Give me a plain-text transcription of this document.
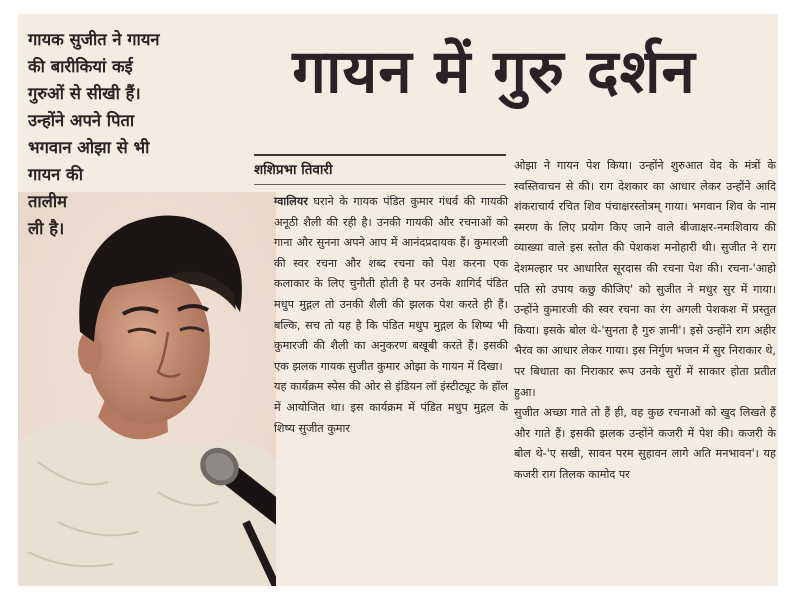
गायक सुजीत ने गायन
की बारीकियां कई
गुरुओं से सीखी हैं।
उन्होंने अपने पिता
भगवान ओझा से भी
गायन की
तालीम
ली है।
गायन में गुरु दर्शन
शशिप्रभा तिवारी

ग्वालियर घराने के गायक पंडित कुमार गंधर्व की गायकी अनूठी शैली की रही है। उनकी गायकी और रचनाओं को गाना और सुनना अपने आप में आनंदप्रदायक हैं। कुमारजी की स्वर रचना और शब्द रचना को पेश करना एक कलाकार के लिए चुनौती होती है पर उनके शागिर्द पंडित मधुप मुद्गल तो उनकी शैली की झलक पेश करते ही हैं। बल्कि, सच तो यह है कि पंडित मधुप मुद्गल के शिष्य भी कुमारजी की शैली का अनुकरण बखूबी करते हैं। इसकी एक झलक गायक सुजीत कुमार ओझा के गायन में दिखा।

यह कार्यक्रम स्पेस की ओर से इंडियन लॉ इंस्टीट्यूट के हॉल में आयोजित था। इस कार्यक्रम में पंडित मधुप मुद्गल के शिष्य सुजीत कुमार

ओझा ने गायन पेश किया। उन्होंने शुरुआत वेद के मंत्रों के स्वस्तिवाचन से की। राग देशकार का आधार लेकर उन्होंने आदि शंकराचार्य रचित शिव पंचाक्षरस्तोत्रम् गाया। भगवान शिव के नाम स्मरण के लिए प्रयोग किए जाने वाले बीजाक्षर-नमःशिवाय की व्याख्या वाले इस स्तोत की पेशकश मनोहारी थी। सुजीत ने राग देशमल्हार पर आधारित सूरदास की रचना पेश की। रचना-'आहो पति सो उपाय कछु कीजिए' को सुजीत ने मधुर सुर में गाया। उन्होंने कुमारजी की स्वर रचना का रंग अगली पेशकश में प्रस्तुत किया। इसके बोल थे-'सुनता है गुरु ज्ञानी'। इसे उन्होंने राग अहीर भैरव का आधार लेकर गाया। इस निर्गुण भजन में सुर निराकार थे, पर बिधाता का निराकार रूप उनके सुरों में साकार होता प्रतीत हुआ।

सुजीत अच्छा गाते तो हैं ही, वह कुछ रचनाओं को खुद लिखते हैं और गाते हैं। इसकी झलक उन्होंने कजरी में पेश की। कजरी के बोल थे-'ए सखी, सावन परम सुहावन लागे अति मनभावन'। यह कजरी राग तिलक कामोद पर
